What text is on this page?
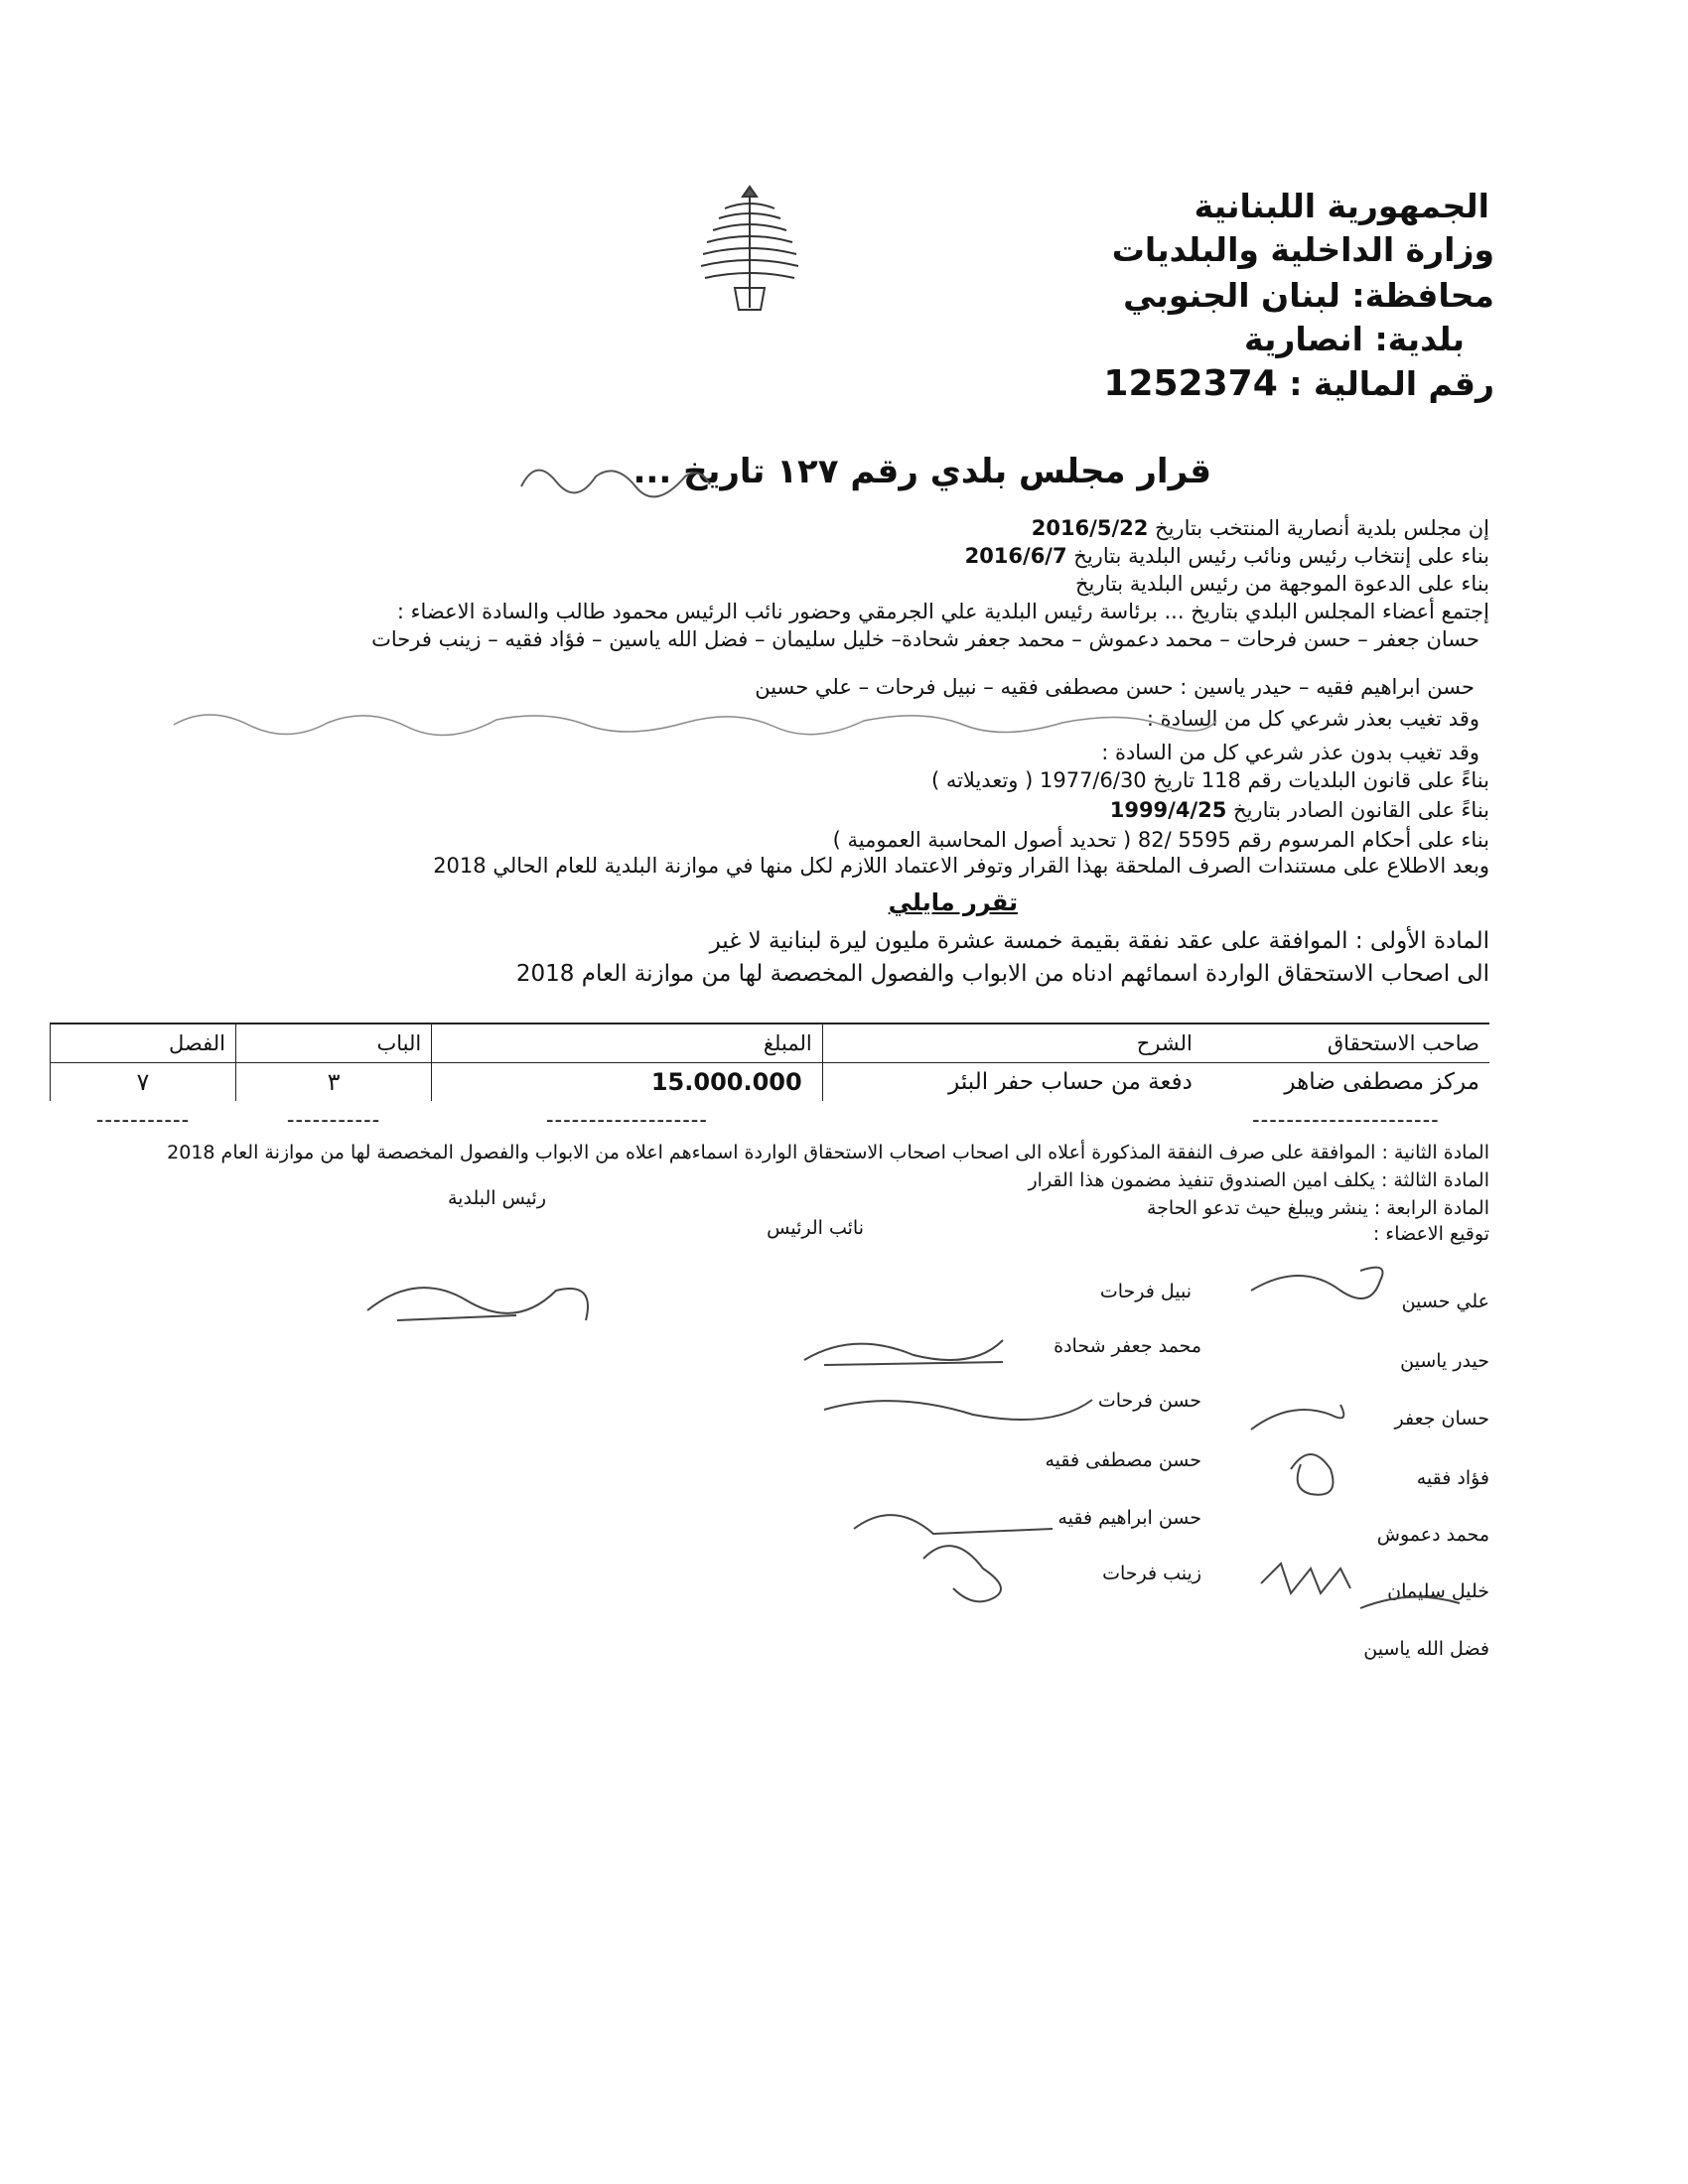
الجمهورية اللبنانية
وزارة الداخلية والبلديات
محافظة: لبنان الجنوبي
بلدية: انصارية
رقم المالية : 1252374
قرار مجلس بلدي رقم ١٢٧ تاريخ ...
إن مجلس بلدية أنصارية المنتخب بتاريخ 2016/5/22
بناء على إنتخاب رئيس ونائب رئيس البلدية بتاريخ 2016/6/7
بناء على الدعوة الموجهة من رئيس البلدية بتاريخ
إجتمع أعضاء المجلس البلدي بتاريخ ... برئاسة رئيس البلدية علي الجرمقي وحضور نائب الرئيس محمود طالب والسادة الاعضاء :
حسان جعفر – حسن فرحات – محمد دعموش – محمد جعفر شحادة– خليل سليمان – فضل الله ياسين – فؤاد فقيه – زينب فرحات
حسن ابراهيم فقيه – حيدر ياسين : حسن مصطفى فقيه – نبيل فرحات – علي حسين
وقد تغيب بعذر شرعي كل من السادة :
وقد تغيب بدون عذر شرعي كل من السادة :
بناءً على قانون البلديات رقم 118 تاريخ 1977/6/30 ( وتعديلاته )
بناءً على القانون الصادر بتاريخ 1999/4/25
بناء على أحكام المرسوم رقم 5595 /82 ( تحديد أصول المحاسبة العمومية )
وبعد الاطلاع على مستندات الصرف الملحقة بهذا القرار وتوفر الاعتماد اللازم لكل منها في موازنة البلدية للعام الحالي 2018
تقرر مايلي
المادة الأولى : الموافقة على عقد نفقة بقيمة خمسة عشرة مليون ليرة لبنانية لا غير
الى اصحاب الاستحقاق الواردة اسمائهم ادناه من الابواب والفصول المخصصة لها من موازنة العام 2018
صاحب الاستحقاق	الشرح	المبلغ	الباب	الفصل
مركز مصطفى ضاهر	دفعة من حساب حفر البئر	15.000.000	٣	٧
----------------------		-------------------	-----------	-----------
المادة الثانية : الموافقة على صرف النفقة المذكورة أعلاه الى اصحاب اصحاب الاستحقاق الواردة اسماءهم اعلاه من الابواب والفصول المخصصة لها من موازنة العام 2018
المادة الثالثة : يكلف امين الصندوق تنفيذ مضمون هذا القرار
المادة الرابعة : ينشر ويبلغ حيث تدعو الحاجة
توقيع الاعضاء :
رئيس البلدية
نائب الرئيس
علي حسين
حيدر ياسين
حسان جعفر
فؤاد فقيه
محمد دعموش
خليل سليمان
فضل الله ياسين
نبيل فرحات
محمد جعفر شحادة
حسن فرحات
حسن مصطفى فقيه
حسن ابراهيم فقيه
زينب فرحات
